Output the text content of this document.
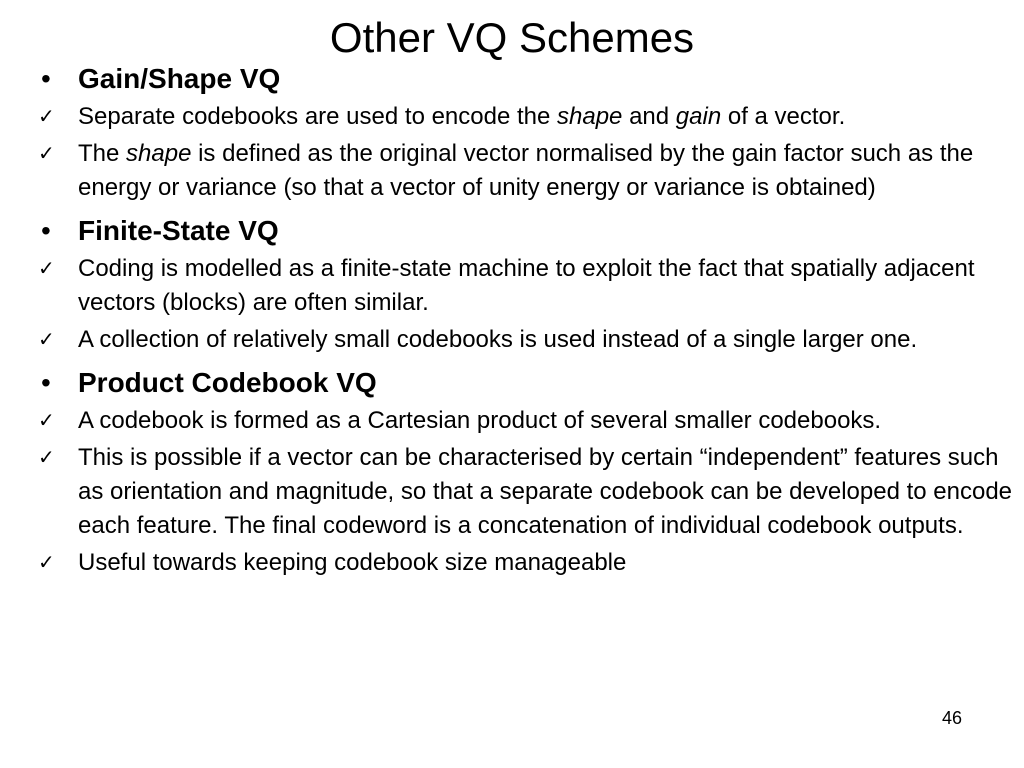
Other VQ Schemes
• Gain/Shape VQ
✓ Separate codebooks are used to encode the shape and gain of a vector.
✓ The shape is defined as the original vector normalised by the gain factor such as the energy or variance (so that a vector of unity energy or variance is obtained)
• Finite-State VQ
✓ Coding is modelled as a finite-state machine to exploit the fact that spatially adjacent vectors (blocks) are often similar.
✓ A collection of relatively small codebooks is used instead of a single larger one.
• Product Codebook VQ
✓ A codebook is formed as a Cartesian product of several smaller codebooks.
✓ This is possible if a vector can be characterised by certain “independent” features such as orientation and magnitude, so that a separate codebook can be developed to encode each feature. The final codeword is a concatenation of individual codebook outputs.
✓ Useful towards keeping codebook size manageable
46
